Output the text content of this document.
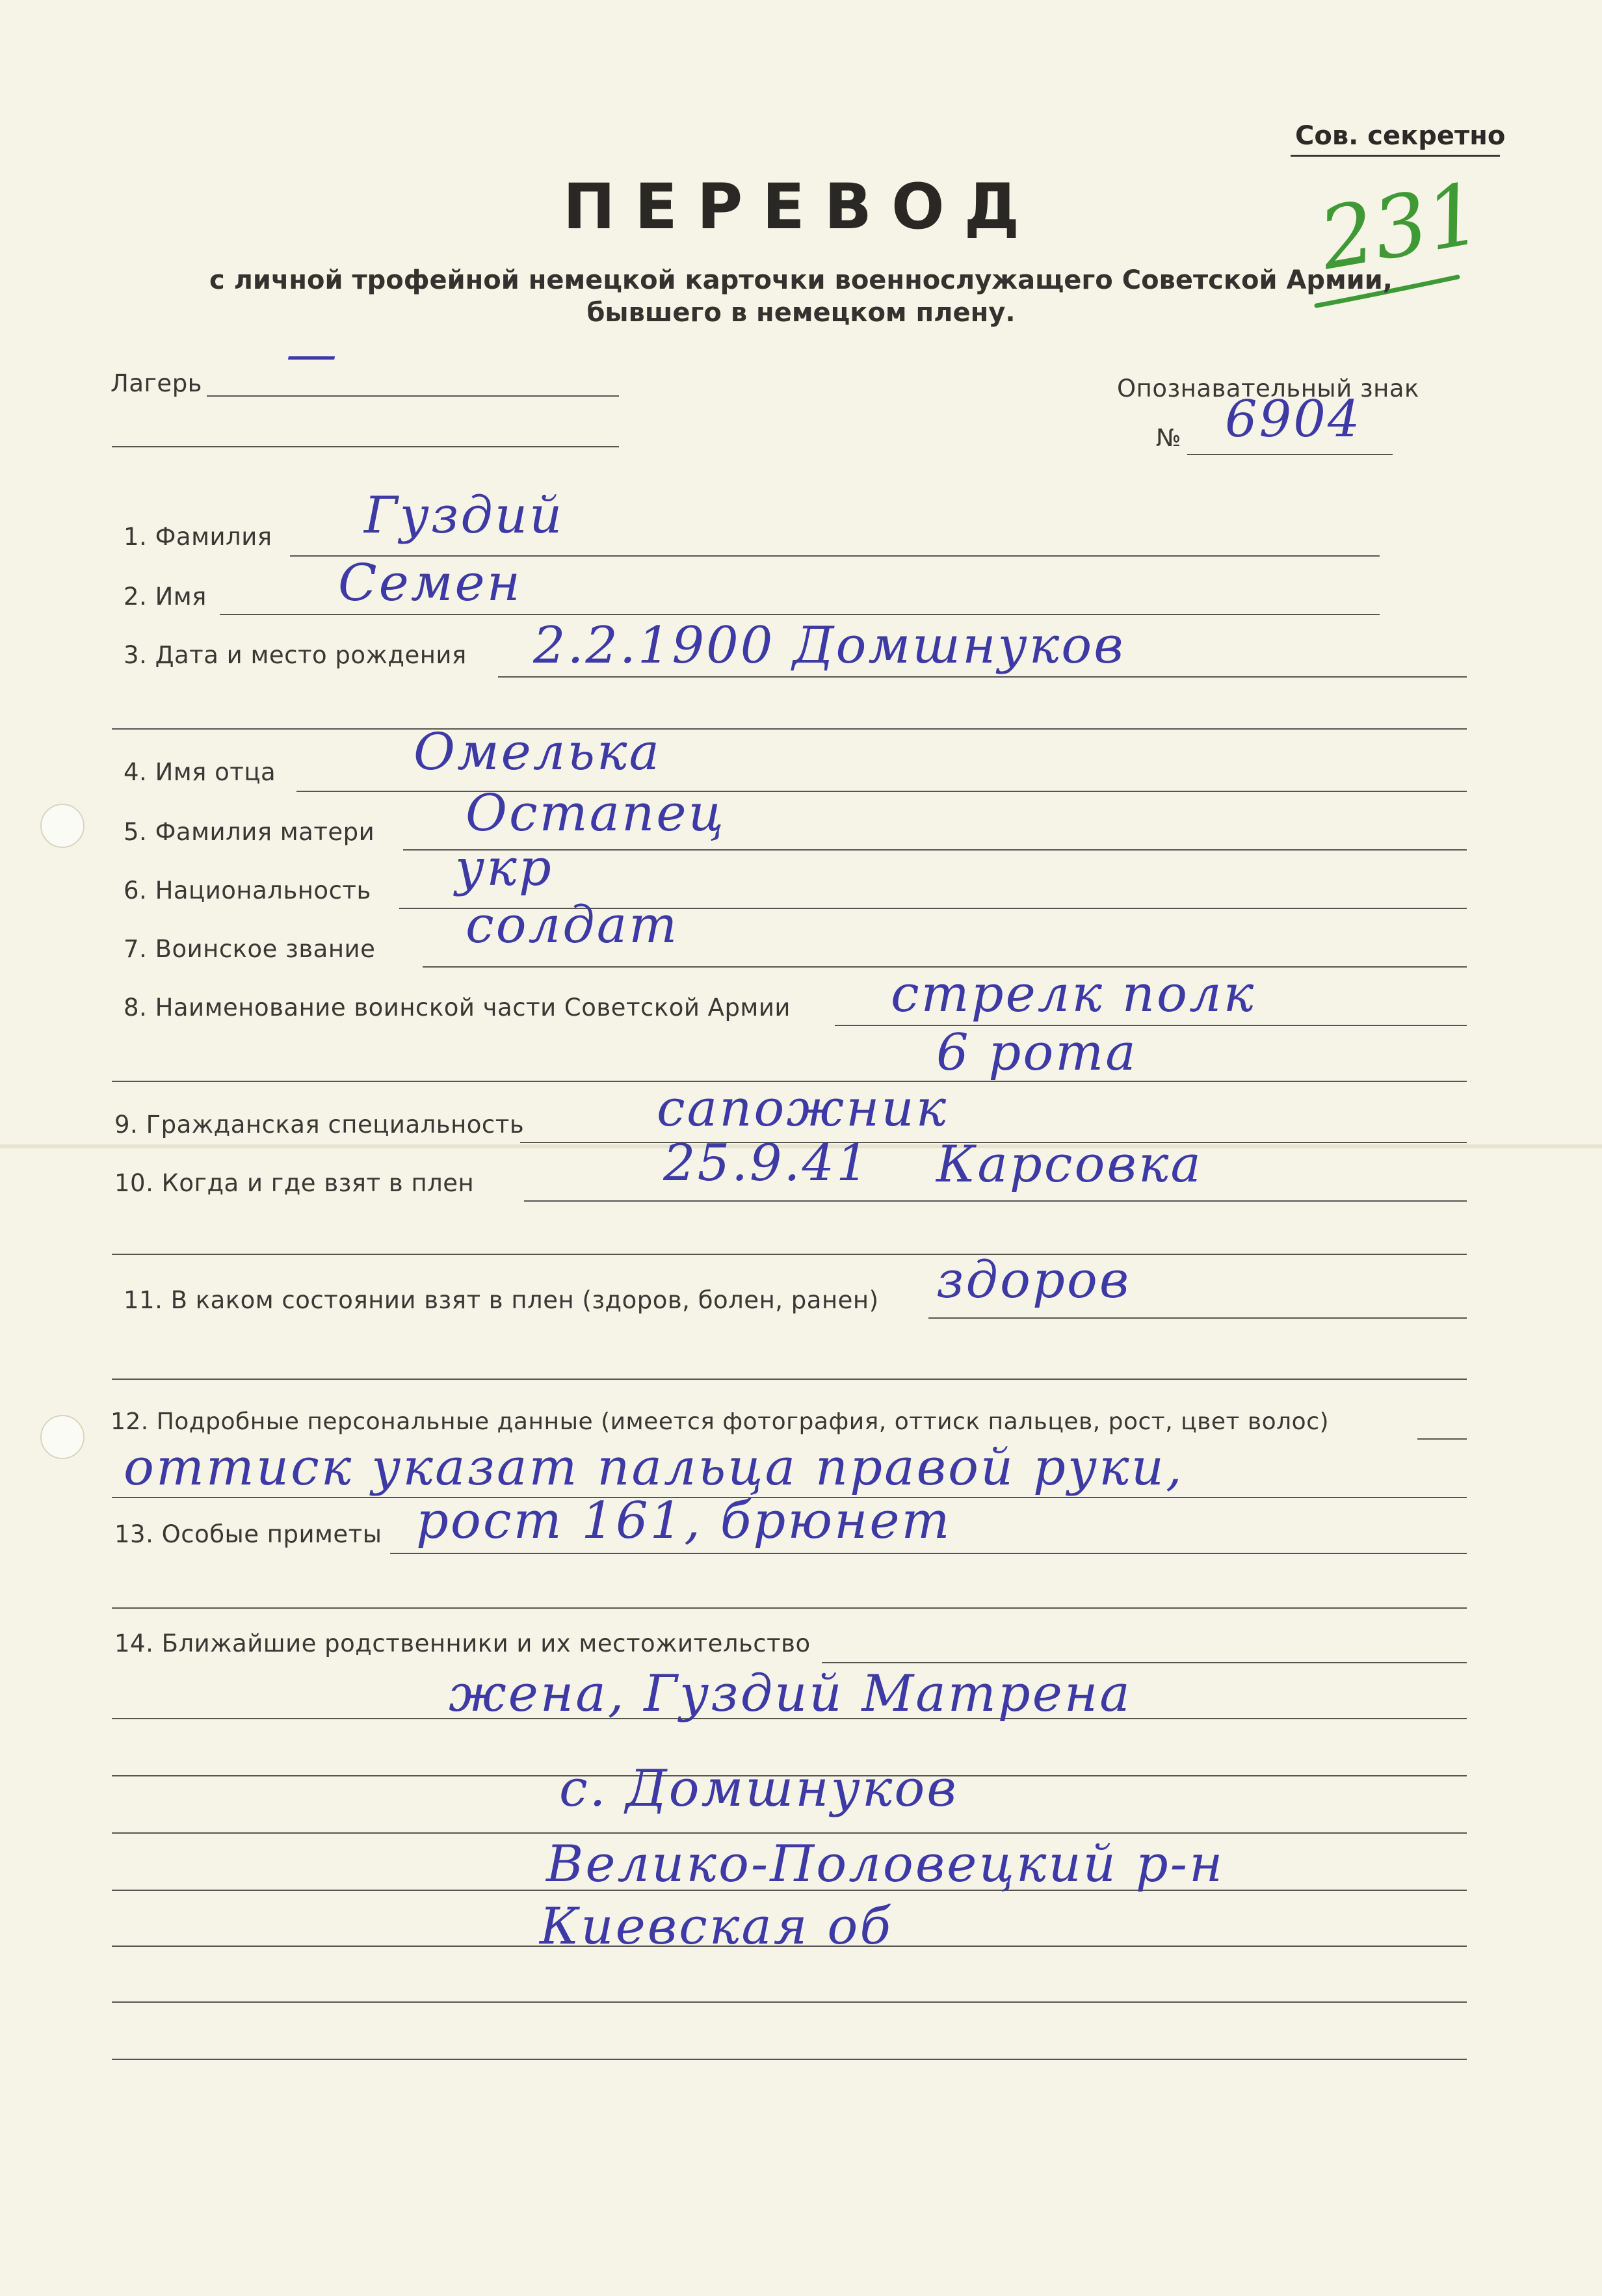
Сов. секретно
231
ПЕРЕВОД
с личной трофейной немецкой карточки военнослужащего Советской Армии,
бывшего в немецком плену.
Лагерь —
Опознавательный знак
№ 6904
1. Фамилия Гуздий
2. Имя	Семен
3. Дата и место рождения 2.2.1900 Домшнуков
4. Имя отца	Омелька
5. Фамилия матери Остапец
6. Национальность укр
7. Воинское звание солдат
8. Наименование воинской части Советской Армии стрелк полк
6 рота
9. Гражданская специальность	сапожник
10. Когда и где взят в плен	25.9.41 Карсовка
11. В каком состоянии взят в плен (здоров, болен, ранен) здоров
12. Подробные персональные данные (имеется фотография, оттиск пальцев, рост, цвет волос)
оттиск указат пальца правой руки,
13. Особые приметы рост 161, брюнет
14. Ближайшие родственники и их местожительство
жена, Гуздий Матрена
с. Домшнуков
Велико-Половецкий р-н
Киевская об
